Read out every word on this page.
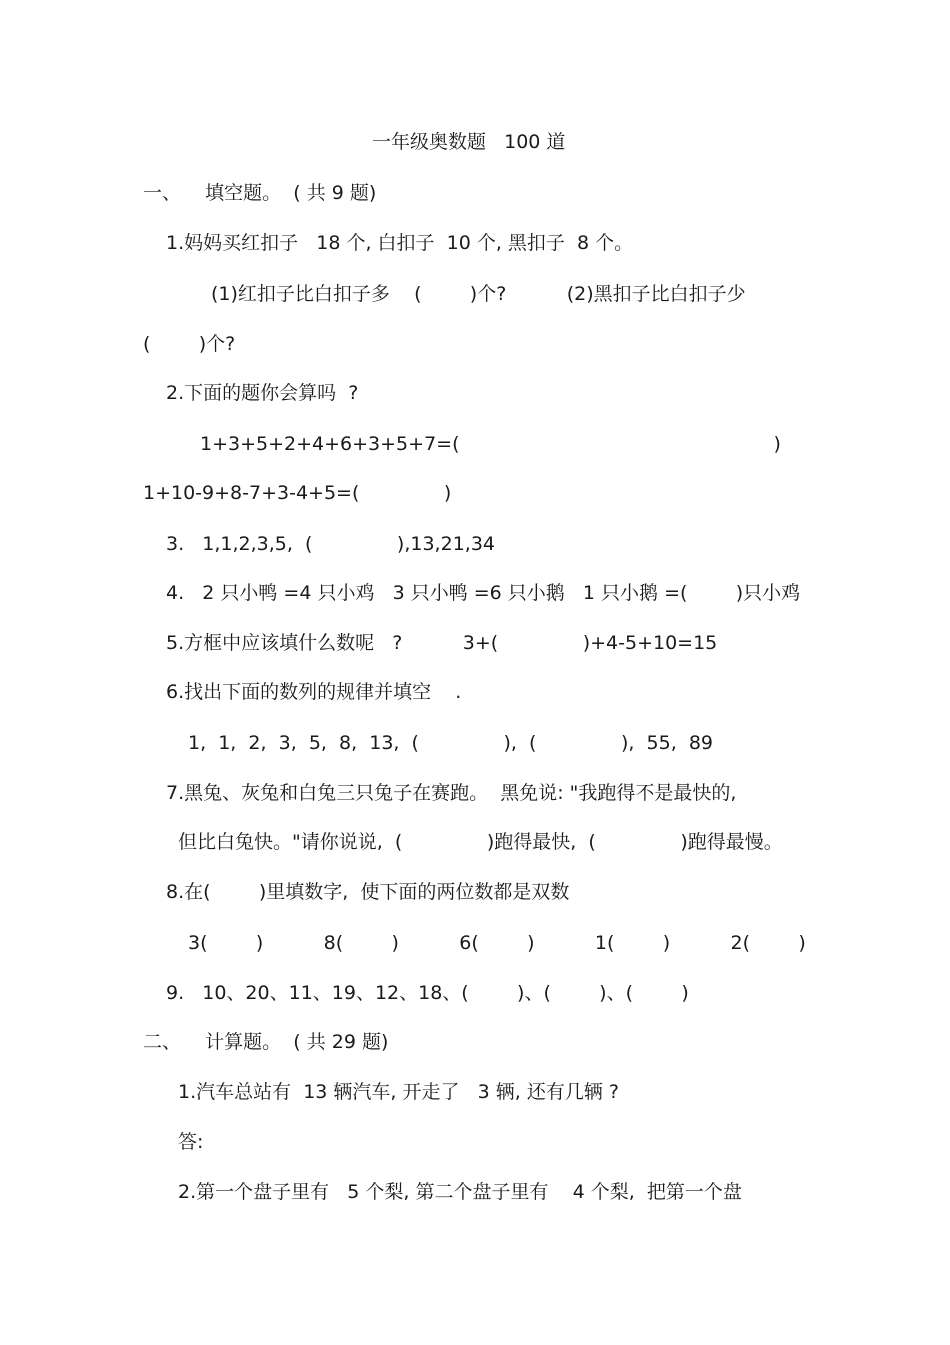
一年级奥数题   100 道

一、    填空题。  ( 共 9 题)

1.妈妈买红扣子   18 个, 白扣子  10 个, 黑扣子  8 个。

(1)红扣子比白扣子多    (        )个?          (2)黑扣子比白扣子少

(        )个?

2.下面的题你会算吗  ?

1+3+5+2+4+6+3+5+7=(                                                    )

1+10-9+8-7+3-4+5=(              )

3.   1,1,2,3,5,  (              ),13,21,34

4.   2 只小鸭 =4 只小鸡   3 只小鸭 =6 只小鹅   1 只小鹅 =(        )只小鸡

5.方框中应该填什么数呢   ?          3+(              )+4-5+10=15

6.找出下面的数列的规律并填空    .

1,  1,  2,  3,  5,  8,  13,  (              ),  (              ),  55,  89

7.黑兔、灰兔和白兔三只兔子在赛跑。  黑免说: "我跑得不是最快的,

但比白兔快。"请你说说,  (              )跑得最快,  (              )跑得最慢。

8.在(        )里填数字,  使下面的两位数都是双数

3(        )          8(        )          6(        )          1(        )          2(        )

9.   10、20、11、19、12、18、(        )、(        )、(        )

二、    计算题。  ( 共 29 题)

1.汽车总站有  13 辆汽车, 开走了   3 辆, 还有几辆 ?

答:

2.第一个盘子里有   5 个梨, 第二个盘子里有    4 个梨,  把第一个盘
